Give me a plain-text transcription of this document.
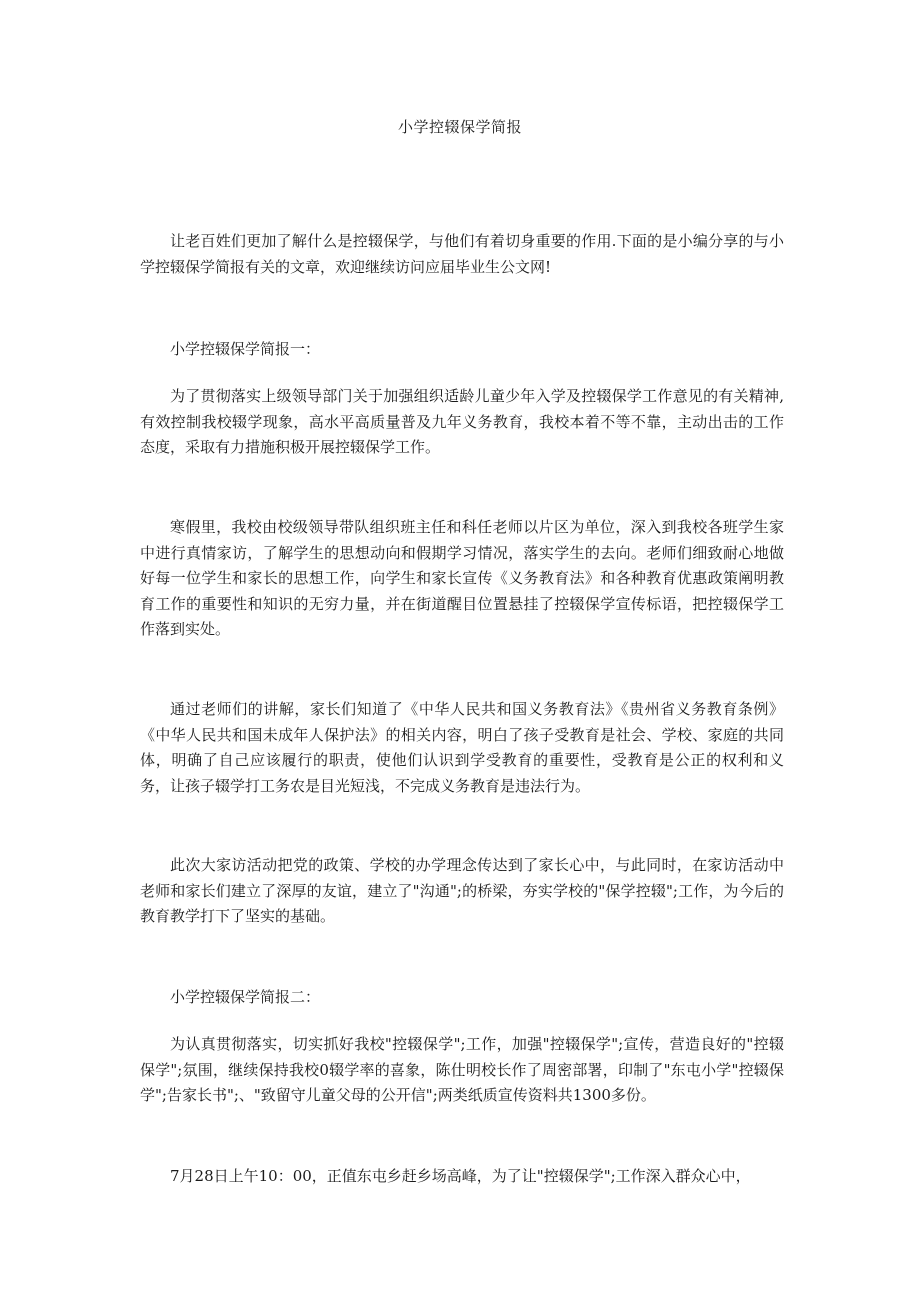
小学控辍保学简报

让老百姓们更加了解什么是控辍保学，与他们有着切身重要的作用.下面的是小编分享的与小学控辍保学简报有关的文章，欢迎继续访问应届毕业生公文网!

小学控辍保学简报一：

为了贯彻落实上级领导部门关于加强组织适龄儿童少年入学及控辍保学工作意见的有关精神,有效控制我校辍学现象，高水平高质量普及九年义务教育，我校本着不等不靠，主动出击的工作态度，采取有力措施积极开展控辍保学工作。

寒假里，我校由校级领导带队组织班主任和科任老师以片区为单位，深入到我校各班学生家中进行真情家访，了解学生的思想动向和假期学习情况，落实学生的去向。老师们细致耐心地做好每一位学生和家长的思想工作，向学生和家长宣传《义务教育法》和各种教育优惠政策阐明教育工作的重要性和知识的无穷力量，并在街道醒目位置悬挂了控辍保学宣传标语，把控辍保学工作落到实处。

通过老师们的讲解，家长们知道了《中华人民共和国义务教育法》《贵州省义务教育条例》《中华人民共和国未成年人保护法》的相关内容，明白了孩子受教育是社会、学校、家庭的共同体，明确了自己应该履行的职责，使他们认识到学受教育的重要性，受教育是公正的权利和义务，让孩子辍学打工务农是目光短浅，不完成义务教育是违法行为。

此次大家访活动把党的政策、学校的办学理念传达到了家长心中，与此同时，在家访活动中老师和家长们建立了深厚的友谊，建立了"沟通";的桥梁，夯实学校的"保学控辍";工作，为今后的教育教学打下了坚实的基础。

小学控辍保学简报二：

为认真贯彻落实，切实抓好我校"控辍保学";工作，加强"控辍保学";宣传，营造良好的"控辍保学";氛围，继续保持我校0辍学率的喜象，陈仕明校长作了周密部署，印制了"东屯小学"控辍保学";告家长书";、"致留守儿童父母的公开信";两类纸质宣传资料共1300多份。

7月28日上午10：00，正值东屯乡赶乡场高峰，为了让"控辍保学";工作深入群众心中，
